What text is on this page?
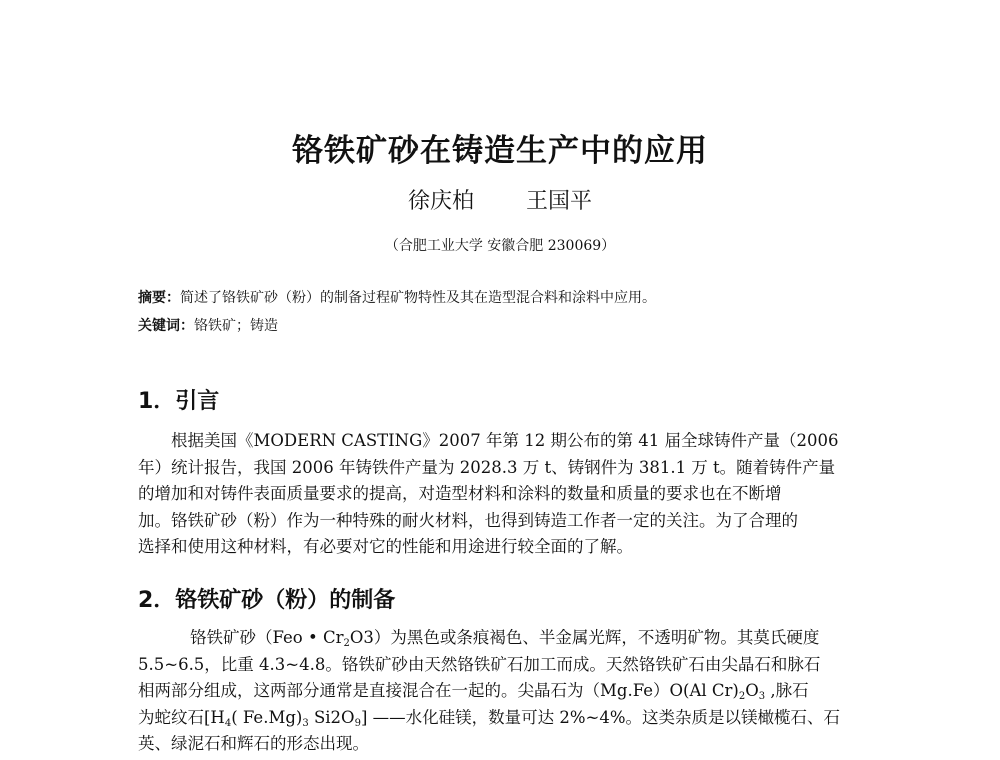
铬铁矿砂在铸造生产中的应用
徐庆柏 王国平
（合肥工业大学 安徽合肥 230069）
摘要：简述了铬铁矿砂（粉）的制备过程矿物特性及其在造型混合料和涂料中应用。
关键词：铬铁矿；铸造
1．引言

根据美国《MODERN CASTING》2007 年第 12 期公布的第 41 届全球铸件产量（2006
年）统计报告，我国 2006 年铸铁件产量为 2028.3 万 t、铸钢件为 381.1 万 t。随着铸件产量
的增加和对铸件表面质量要求的提高，对造型材料和涂料的数量和质量的要求也在不断增
加。铬铁矿砂（粉）作为一种特殊的耐火材料，也得到铸造工作者一定的关注。为了合理的
选择和使用这种材料，有必要对它的性能和用途进行较全面的了解。

2．铬铁矿砂（粉）的制备

铬铁矿砂（Feo • $Cr_2O3$）为黑色或条痕褐色、半金属光辉，不透明矿物。其莫氏硬度
5.5~6.5，比重 4.3~4.8。铬铁矿砂由天然铬铁矿石加工而成。天然铬铁矿石由尖晶石和脉石
相两部分组成，这两部分通常是直接混合在一起的。尖晶石为（Mg.Fe）O(Al $Cr)_2O_3$ ,脉石
为蛇纹石[$H_4$( $Fe.Mg)_3$ $Si2O_9$] ——水化硅镁，数量可达 2%~4%。这类杂质是以镁橄榄石、石
英、绿泥石和辉石的形态出现。
